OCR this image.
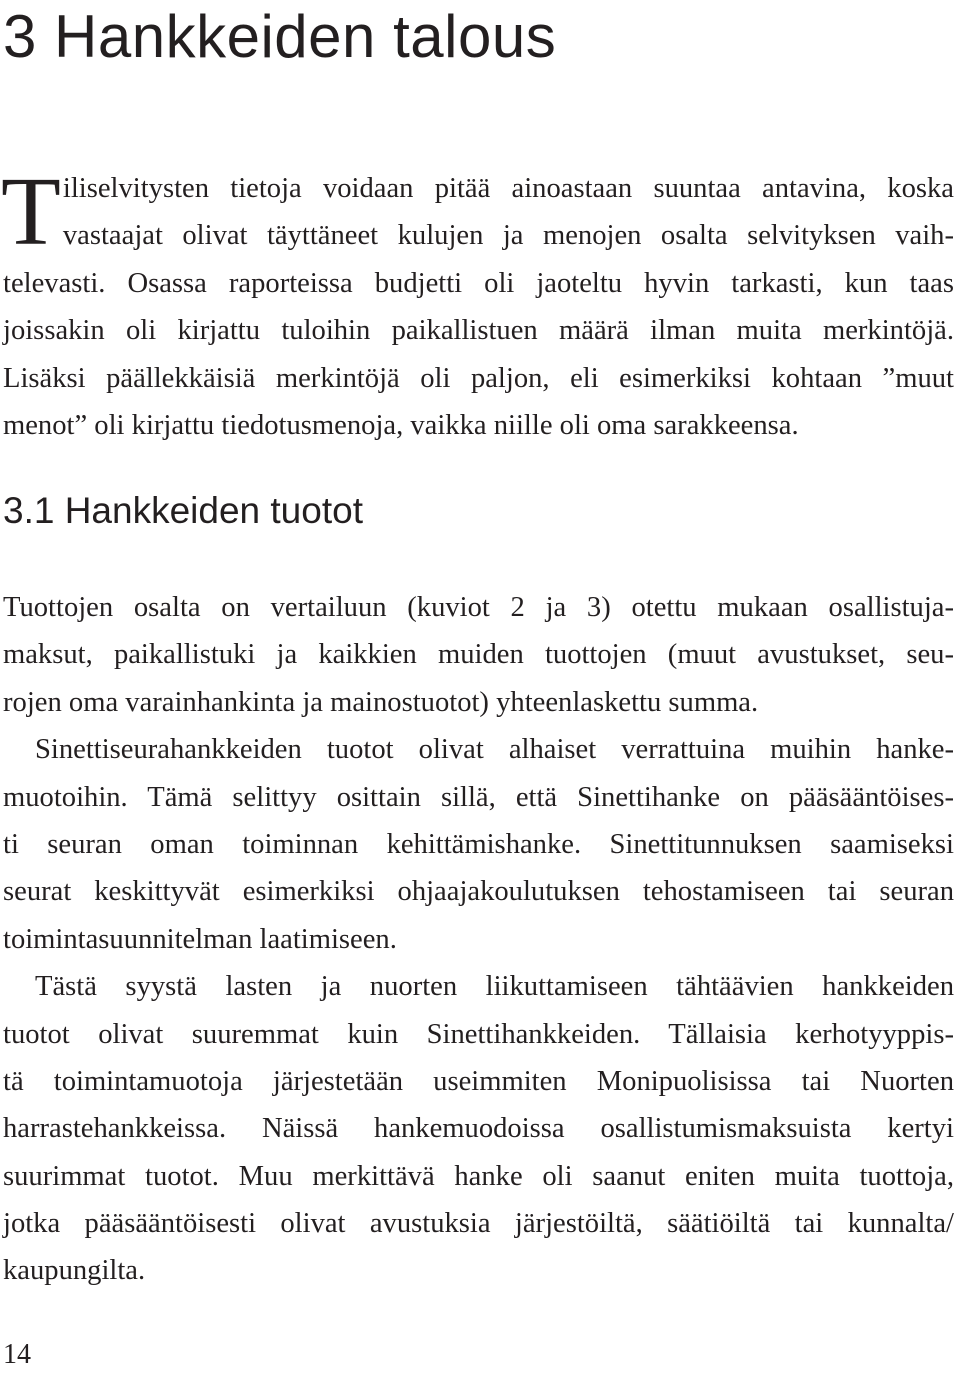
3 Hankkeiden talous
T iliselvitysten tietoja voidaan pitää ainoastaan suuntaa antavina, koska
vastaajat olivat täyttäneet kulujen ja menojen osalta selvityksen vaih-
televasti. Osassa raporteissa budjetti oli jaoteltu hyvin tarkasti, kun taas
joissakin oli kirjattu tuloihin paikallistuen määrä ilman muita merkintöjä.
Lisäksi päällekkäisiä merkintöjä oli paljon, eli esimerkiksi kohtaan ”muut
menot” oli kirjattu tiedotusmenoja, vaikka niille oli oma sarakkeensa.
3.1 Hankkeiden tuotot
Tuottojen osalta on vertailuun (kuviot 2 ja 3) otettu mukaan osallistuja-
maksut, paikallistuki ja kaikkien muiden tuottojen (muut avustukset, seu-
rojen oma varainhankinta ja mainostuotot) yhteenlaskettu summa.
Sinettiseurahankkeiden tuotot olivat alhaiset verrattuina muihin hanke-
muotoihin. Tämä selittyy osittain sillä, että Sinettihanke on pääsääntöises-
ti seuran oman toiminnan kehittämishanke. Sinettitunnuksen saamiseksi
seurat keskittyvät esimerkiksi ohjaajakoulutuksen tehostamiseen tai seuran
toimintasuunnitelman laatimiseen.
Tästä syystä lasten ja nuorten liikuttamiseen tähtäävien hankkeiden
tuotot olivat suuremmat kuin Sinettihankkeiden. Tällaisia kerhotyyppis-
tä toimintamuotoja järjestetään useimmiten Monipuolisissa tai Nuorten
harrastehankkeissa. Näissä hankemuodoissa osallistumismaksuista kertyi
suurimmat tuotot. Muu merkittävä hanke oli saanut eniten muita tuottoja,
jotka pääsääntöisesti olivat avustuksia järjestöiltä, säätiöiltä tai kunnalta/
kaupungilta.
14
